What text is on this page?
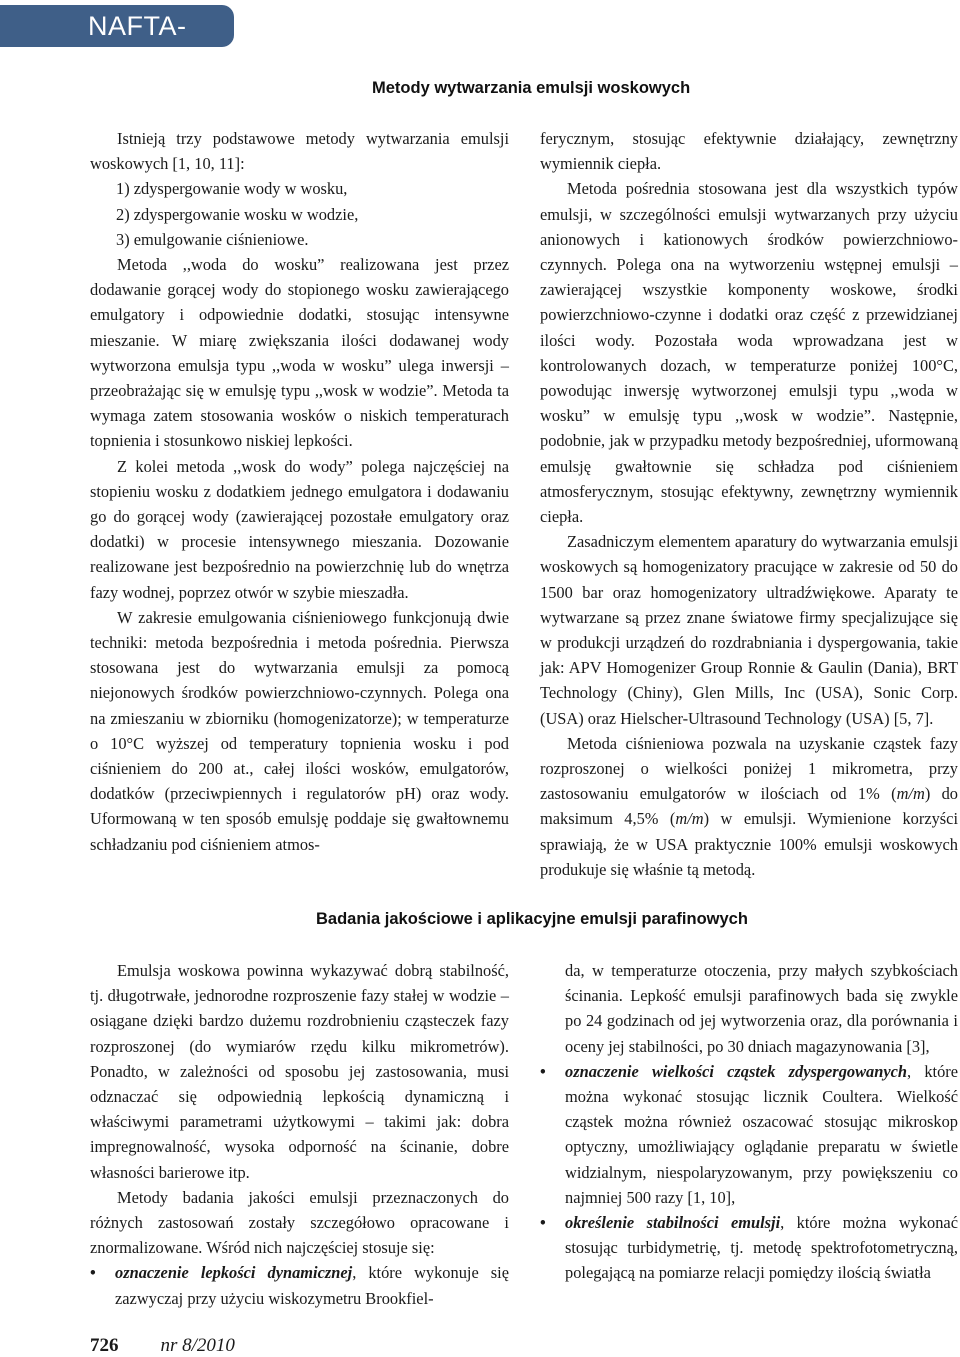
NAFTA-GAZ
Metody wytwarzania emulsji woskowych

Istnieją trzy podstawowe metody wytwarzania emulsji woskowych [1, 10, 11]:

1) zdyspergowanie wody w wosku,
2) zdyspergowanie wosku w wodzie,
3) emulgowanie ciśnieniowe.

Metoda ,,woda do wosku” realizowana jest przez dodawanie gorącej wody do stopionego wosku zawierającego emulgatory i odpowiednie dodatki, stosując intensywne mieszanie. W miarę zwiększania ilości dodawanej wody wytworzona emulsja typu ,,woda w wosku” ulega inwersji – przeobrażając się w emulsję typu ,,wosk w wodzie”. Metoda ta wymaga zatem stosowania wosków o niskich temperaturach topnienia i stosunkowo niskiej lepkości.

Z kolei metoda ,,wosk do wody” polega najczęściej na stopieniu wosku z dodatkiem jednego emulgatora i dodawaniu go do gorącej wody (zawierającej pozostałe emulgatory oraz dodatki) w procesie intensywnego mieszania. Dozowanie realizowane jest bezpośrednio na powierzchnię lub do wnętrza fazy wodnej, poprzez otwór w szybie mieszadła.

W zakresie emulgowania ciśnieniowego funkcjonują dwie techniki: metoda bezpośrednia i metoda pośrednia. Pierwsza stosowana jest do wytwarzania emulsji za pomocą niejonowych środków powierzchniowo-czynnych. Polega ona na zmieszaniu w zbiorniku (homogenizatorze); w temperaturze o 10°C wyższej od temperatury topnienia wosku i pod ciśnieniem do 200 at., całej ilości wosków, emulgatorów, dodatków (przeciwpiennych i regulatorów pH) oraz wody. Uformowaną w ten sposób emulsję poddaje się gwałtownemu schładzaniu pod ciśnieniem atmos-

ferycznym, stosując efektywnie działający, zewnętrzny wymiennik ciepła.

Metoda pośrednia stosowana jest dla wszystkich typów emulsji, w szczególności emulsji wytwarzanych przy użyciu anionowych i kationowych środków powierzchniowo-czynnych. Polega ona na wytworzeniu wstępnej emulsji – zawierającej wszystkie komponenty woskowe, środki powierzchniowo-czynne i dodatki oraz część z przewidzianej ilości wody. Pozostała woda wprowadzana jest w kontrolowanych dozach, w temperaturze poniżej 100°C, powodując inwersję wytworzonej emulsji typu ,,woda w wosku” w emulsję typu ,,wosk w wodzie”. Następnie, podobnie, jak w przypadku metody bezpośredniej, uformowaną emulsję gwałtownie się schładza pod ciśnieniem atmosferycznym, stosując efektywny, zewnętrzny wymiennik ciepła.

Zasadniczym elementem aparatury do wytwarzania emulsji woskowych są homogenizatory pracujące w zakresie od 50 do 1500 bar oraz homogenizatory ultradźwiękowe. Aparaty te wytwarzane są przez znane światowe firmy specjalizujące się w produkcji urządzeń do rozdrabniania i dyspergowania, takie jak: APV Homogenizer Group Ronnie & Gaulin (Dania), BRT Technology (Chiny), Glen Mills, Inc (USA), Sonic Corp. (USA) oraz Hielscher-Ultrasound Technology (USA) [5, 7].

Metoda ciśnieniowa pozwala na uzyskanie cząstek fazy rozproszonej o wielkości poniżej 1 mikrometra, przy zastosowaniu emulgatorów w ilościach od 1% (m/m) do maksimum 4,5% (m/m) w emulsji. Wymienione korzyści sprawiają, że w USA praktycznie 100% emulsji woskowych produkuje się właśnie tą metodą.

Badania jakościowe i aplikacyjne emulsji parafinowych

Emulsja woskowa powinna wykazywać dobrą stabilność, tj. długotrwałe, jednorodne rozproszenie fazy stałej w wodzie – osiągane dzięki bardzo dużemu rozdrobnieniu cząsteczek fazy rozproszonej (do wymiarów rzędu kilku mikrometrów). Ponadto, w zależności od sposobu jej zastosowania, musi odznaczać się odpowiednią lepkością dynamiczną i właściwymi parametrami użytkowymi – takimi jak: dobra impregnowalność, wysoka odporność na ścinanie, dobre własności barierowe itp.

Metody badania jakości emulsji przeznaczonych do różnych zastosowań zostały szczegółowo opracowane i znormalizowane. Wśród nich najczęściej stosuje się:

• oznaczenie lepkości dynamicznej, które wykonuje się zazwyczaj przy użyciu wiskozymetru Brookfiel-
da, w temperaturze otoczenia, przy małych szybkościach ścinania. Lepkość emulsji parafinowych bada się zwykle po 24 godzinach od jej wytworzenia oraz, dla porównania i oceny jej stabilności, po 30 dniach magazynowania [3],
• oznaczenie wielkości cząstek zdyspergowanych, które można wykonać stosując licznik Coultera. Wielkość cząstek można również oszacować stosując mikroskop optyczny, umożliwiający oglądanie preparatu w świetle widzialnym, niespolaryzowanym, przy powiększeniu co najmniej 500 razy [1, 10],
• określenie stabilności emulsji, które można wykonać stosując turbidymetrię, tj. metodę spektrofotometryczną, polegającą na pomiarze relacji pomiędzy ilością światła
726 nr 8/2010
